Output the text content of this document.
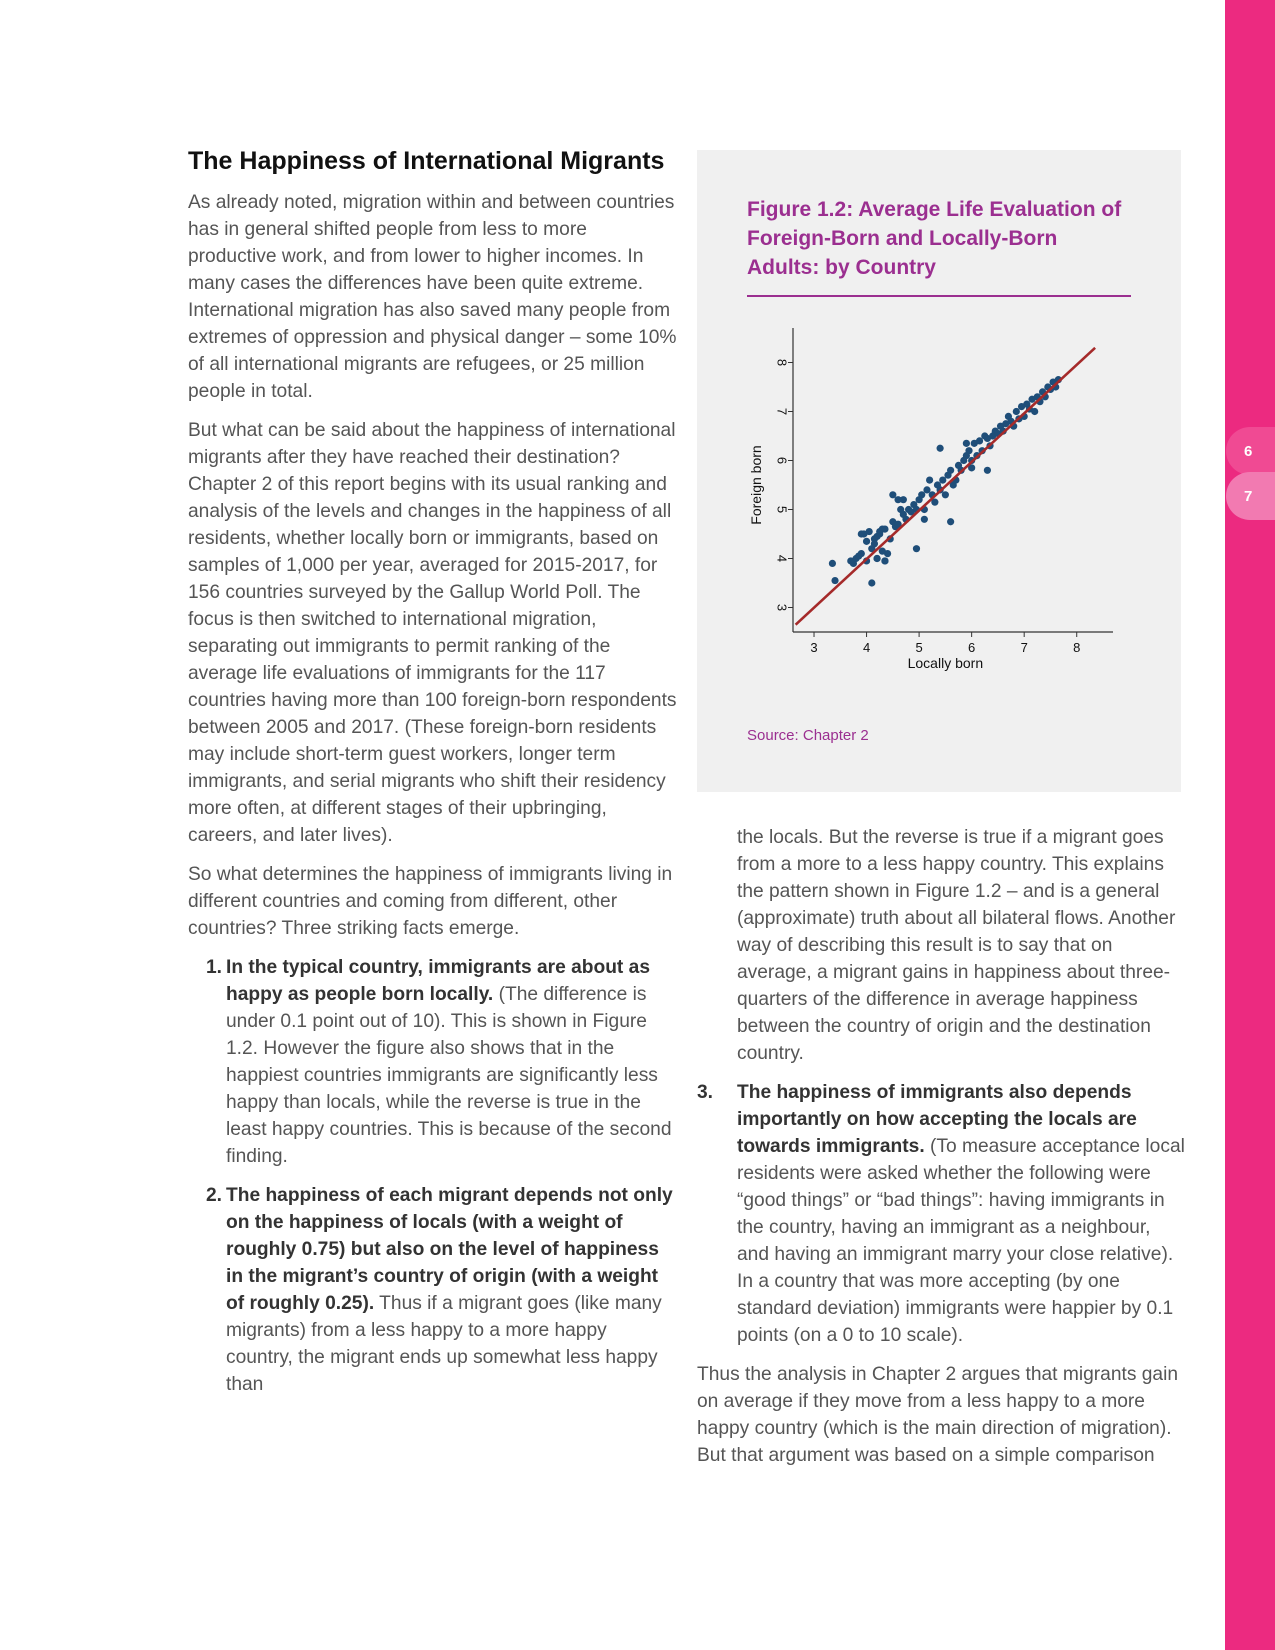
6
7
The Happiness of International Migrants

As already noted, migration within and between countries has in general shifted people from less to more productive work, and from lower to higher incomes. In many cases the differences have been quite extreme. International migration has also saved many people from extremes of oppression and physical danger – some 10% of all international migrants are refugees, or 25 million people in total.

But what can be said about the happiness of international migrants after they have reached their destination? Chapter 2 of this report begins with its usual ranking and analysis of the levels and changes in the happiness of all residents, whether locally born or immigrants, based on samples of 1,000 per year, averaged for 2015-2017, for 156 countries surveyed by the Gallup World Poll. The focus is then switched to international migration, separating out immigrants to permit ranking of the average life evaluations of immigrants for the 117 countries having more than 100 foreign-born respondents between 2005 and 2017. (These foreign-born residents may include short-term guest workers, longer term immigrants, and serial migrants who shift their residency more often, at different stages of their upbringing, careers, and later lives).

So what determines the happiness of immigrants living in different countries and coming from different, other countries? Three striking facts emerge.

1. In the typical country, immigrants are about as happy as people born locally. (The difference is under 0.1 point out of 10). This is shown in Figure 1.2. However the figure also shows that in the happiest countries immigrants are significantly less happy than locals, while the reverse is true in the least happy countries. This is because of the second finding.
2. The happiness of each migrant depends not only on the happiness of locals (with a weight of roughly 0.75) but also on the level of happiness in the migrant’s country of origin (with a weight of roughly 0.25). Thus if a migrant goes (like many migrants) from a less happy to a more happy country, the migrant ends up somewhat less happy than
Figure 1.2: Average Life Evaluation of Foreign-Born and Locally-Born Adults: by Country
3	4	5	6	7	8
3
4
5
6
7
8
Locally born
Foreign born
Source: Chapter 2

the locals. But the reverse is true if a migrant goes from a more to a less happy country. This explains the pattern shown in Figure 1.2 – and is a general (approximate) truth about all bilateral flows. Another way of describing this result is to say that on average, a migrant gains in happiness about three-quarters of the difference in average happiness between the country of origin and the destination country.

3. The happiness of immigrants also depends importantly on how accepting the locals are towards immigrants. (To measure acceptance local residents were asked whether the following were “good things” or “bad things”: having immigrants in the country, having an immigrant as a neighbour, and having an immigrant marry your close relative). In a country that was more accepting (by one standard deviation) immigrants were happier by 0.1 points (on a 0 to 10 scale).

Thus the analysis in Chapter 2 argues that migrants gain on average if they move from a less happy to a more happy country (which is the main direction of migration). But that argument was based on a simple comparison
